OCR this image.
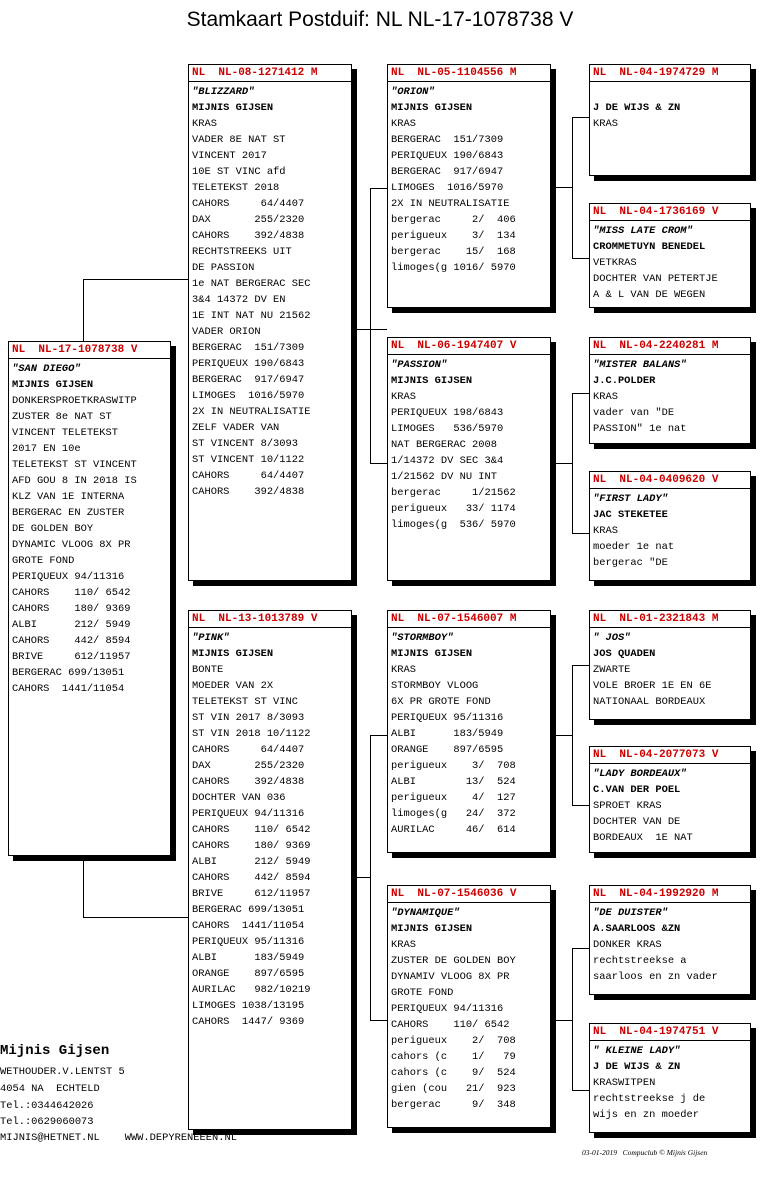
Stamkaart Postduif: NL NL-17-1078738 V
NL  NL-17-1078738 V
"SAN DIEGO"
MIJNIS GIJSEN
DONKERSPROETKRASWITP
ZUSTER 8e NAT ST
VINCENT TELETEKST
2017 EN 10e
TELETEKST ST VINCENT
AFD GOU 8 IN 2018 IS
KLZ VAN 1E INTERNA
BERGERAC EN ZUSTER
DE GOLDEN BOY
DYNAMIC VLOOG 8X PR
GROTE FOND
PERIQUEUX 94/11316
CAHORS    110/ 6542
CAHORS    180/ 9369
ALBI      212/ 5949
CAHORS    442/ 8594
BRIVE     612/11957
BERGERAC 699/13051
CAHORS  1441/11054
NL  NL-08-1271412 M
"BLIZZARD"
MIJNIS GIJSEN
KRAS
VADER 8E NAT ST
VINCENT 2017
10E ST VINC afd
TELETEKST 2018
CAHORS     64/4407
DAX       255/2320
CAHORS    392/4838
RECHTSTREEKS UIT
DE PASSION
1e NAT BERGERAC SEC
3&4 14372 DV EN
1E INT NAT NU 21562
VADER ORION
BERGERAC  151/7309
PERIQUEUX 190/6843
BERGERAC  917/6947
LIMOGES  1016/5970
2X IN NEUTRALISATIE
ZELF VADER VAN
ST VINCENT 8/3093
ST VINCENT 10/1122
CAHORS     64/4407
CAHORS    392/4838
NL  NL-13-1013789 V
"PINK"
MIJNIS GIJSEN
BONTE
MOEDER VAN 2X
TELETEKST ST VINC
ST VIN 2017 8/3093
ST VIN 2018 10/1122
CAHORS     64/4407
DAX       255/2320
CAHORS    392/4838
DOCHTER VAN 036
PERIQUEUX 94/11316
CAHORS    110/ 6542
CAHORS    180/ 9369
ALBI      212/ 5949
CAHORS    442/ 8594
BRIVE     612/11957
BERGERAC 699/13051
CAHORS  1441/11054
PERIQUEUX 95/11316
ALBI      183/5949
ORANGE    897/6595
AURILAC   982/10219
LIMOGES 1038/13195
CAHORS  1447/ 9369
NL  NL-05-1104556 M
"ORION"
MIJNIS GIJSEN
KRAS
BERGERAC  151/7309
PERIQUEUX 190/6843
BERGERAC  917/6947
LIMOGES  1016/5970
2X IN NEUTRALISATIE
bergerac     2/  406
perigueux    3/  134
bergerac    15/  168
limoges(g 1016/ 5970
NL  NL-06-1947407 V
"PASSION"
MIJNIS GIJSEN
KRAS
PERIQUEUX 198/6843
LIMOGES   536/5970
NAT BERGERAC 2008
1/14372 DV SEC 3&4
1/21562 DV NU INT
bergerac     1/21562
perigueux   33/ 1174
limoges(g  536/ 5970
NL  NL-07-1546007 M
"STORMBOY"
MIJNIS GIJSEN
KRAS
STORMBOY VLOOG
6X PR GROTE FOND
PERIQUEUX 95/11316
ALBI      183/5949
ORANGE    897/6595
perigueux    3/  708
ALBI        13/  524
perigueux    4/  127
limoges(g   24/  372
AURILAC     46/  614
NL  NL-07-1546036 V
"DYNAMIQUE"
MIJNIS GIJSEN
KRAS
ZUSTER DE GOLDEN BOY
DYNAMIV VLOOG 8X PR
GROTE FOND
PERIQUEUX 94/11316
CAHORS    110/ 6542
perigueux    2/  708
cahors (c    1/   79
cahors (c    9/  524
gien (cou   21/  923
bergerac     9/  348
NL  NL-04-1974729 M
J DE WIJS & ZN
KRAS
NL  NL-04-1736169 V
"MISS LATE CROM"
CROMMETUYN BENEDEL
VETKRAS
DOCHTER VAN PETERTJE
A & L VAN DE WEGEN
NL  NL-04-2240281 M
"MISTER BALANS"
J.C.POLDER
KRAS
vader van "DE
PASSION" 1e nat
NL  NL-04-0409620 V
"FIRST LADY"
JAC STEKETEE
KRAS
moeder 1e nat
bergerac "DE
NL  NL-01-2321843 M
" JOS"
JOS QUADEN
ZWARTE
VOLE BROER 1E EN 6E
NATIONAAL BORDEAUX
NL  NL-04-2077073 V
"LADY BORDEAUX"
C.VAN DER POEL
SPROET KRAS
DOCHTER VAN DE
BORDEAUX  1E NAT
NL  NL-04-1992920 M
"DE DUISTER"
A.SAARLOOS &ZN
DONKER KRAS
rechtstreekse a
saarloos en zn vader
NL  NL-04-1974751 V
" KLEINE LADY"
J DE WIJS & ZN
KRASWITPEN
rechtstreekse j de
wijs en zn moeder
Mijnis Gijsen
WETHOUDER.V.LENTST 5
4054 NA  ECHTELD
Tel.:0344642026
Tel.:0629060073
MIJNIS@HETNET.NL    WWW.DEPYRENEEEN.NL
03-01-2019   Compuclub © Mijnis Gijsen
